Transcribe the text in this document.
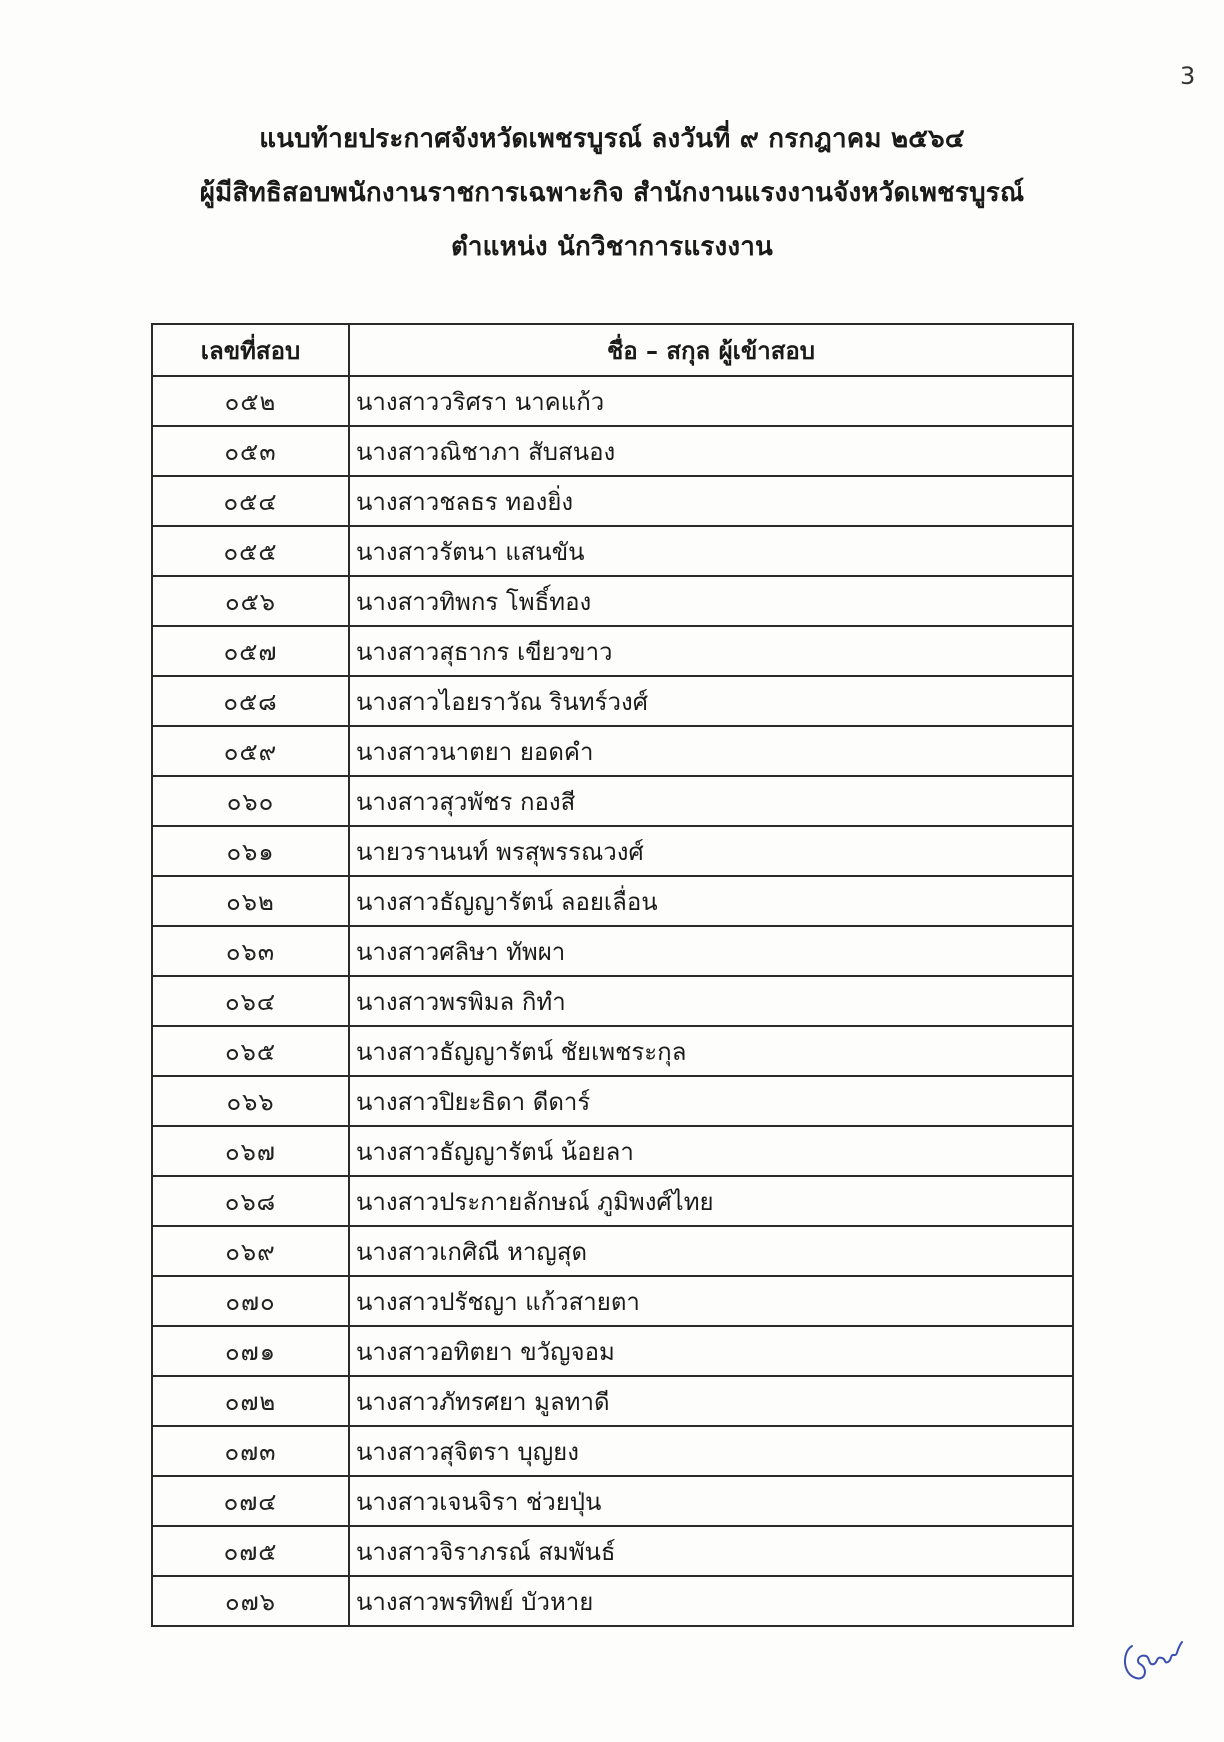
3
แนบท้ายประกาศจังหวัดเพชรบูรณ์ ลงวันที่ ๙ กรกฎาคม ๒๕๖๔
ผู้มีสิทธิสอบพนักงานราชการเฉพาะกิจ สำนักงานแรงงานจังหวัดเพชรบูรณ์
ตำแหน่ง นักวิชาการแรงงาน
เลขที่สอบ	ชื่อ – สกุล ผู้เข้าสอบ
๐๕๒	นางสาววริศรา นาคแก้ว
๐๕๓	นางสาวณิชาภา สับสนอง
๐๕๔	นางสาวชลธร ทองยิ่ง
๐๕๕	นางสาวรัตนา แสนขัน
๐๕๖	นางสาวทิพกร โพธิ์ทอง
๐๕๗	นางสาวสุธากร เขียวขาว
๐๕๘	นางสาวไอยราวัณ รินทร์วงศ์
๐๕๙	นางสาวนาตยา ยอดคำ
๐๖๐	นางสาวสุวพัชร กองสี
๐๖๑	นายวรานนท์ พรสุพรรณวงศ์
๐๖๒	นางสาวธัญญารัตน์ ลอยเลื่อน
๐๖๓	นางสาวศลิษา ทัพผา
๐๖๔	นางสาวพรพิมล กิทำ
๐๖๕	นางสาวธัญญารัตน์ ชัยเพชระกุล
๐๖๖	นางสาวปิยะธิดา ดีดาร์
๐๖๗	นางสาวธัญญารัตน์ น้อยลา
๐๖๘	นางสาวประกายลักษณ์ ภูมิพงศ์ไทย
๐๖๙	นางสาวเกศิณี หาญสุด
๐๗๐	นางสาวปรัชญา แก้วสายตา
๐๗๑	นางสาวอทิตยา ขวัญจอม
๐๗๒	นางสาวภัทรศยา มูลทาดี
๐๗๓	นางสาวสุจิตรา บุญยง
๐๗๔	นางสาวเจนจิรา ช่วยปุ่น
๐๗๕	นางสาวจิราภรณ์ สมพันธ์
๐๗๖	นางสาวพรทิพย์ บัวหาย
